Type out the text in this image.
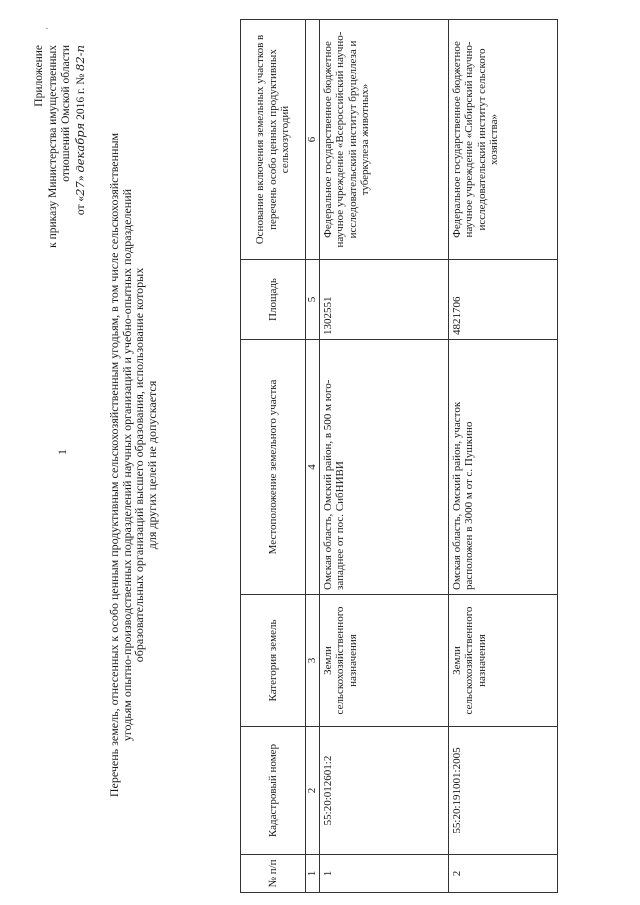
1
Приложение к приказу Министерства имущественных отношений Омской области
от «27» декабря 2016 г. № 82-п
Перечень земель, отнесенных к особо ценным продуктивным сельскохозяйственным угодьям, в том числе сельскохозяйственным
угодьям опытно-производственных подразделений научных организаций и учебно-опытных подразделений
образовательных организаций высшего образования, использование которых
для других целей не допускается
№ п/п	Кадастровый номер	Категория земель	Местоположение земельного участка	Площадь	Основание включения земельных участков в перечень особо ценных продуктивных сельхозугодий
1	2	3	4	5	6
1	55:20:012601:2	Земли сельскохозяйственного назначения	Омская область, Омский район, в 500 м юго-западнее от пос. СибНИВИ	1302551	Федеральное государственное бюджетное научное учреждение «Всероссийский научно-исследовательский институт бруцеллеза и туберкулеза животных»
2	55:20:191001:2005	Земли сельскохозяйственного назначения	Омская область, Омский район, участок расположен в 3000 м от с. Пушкино	4821706	Федеральное государственное бюджетное научное учреждение «Сибирский научно-исследовательский институт сельского хозяйства»
·
